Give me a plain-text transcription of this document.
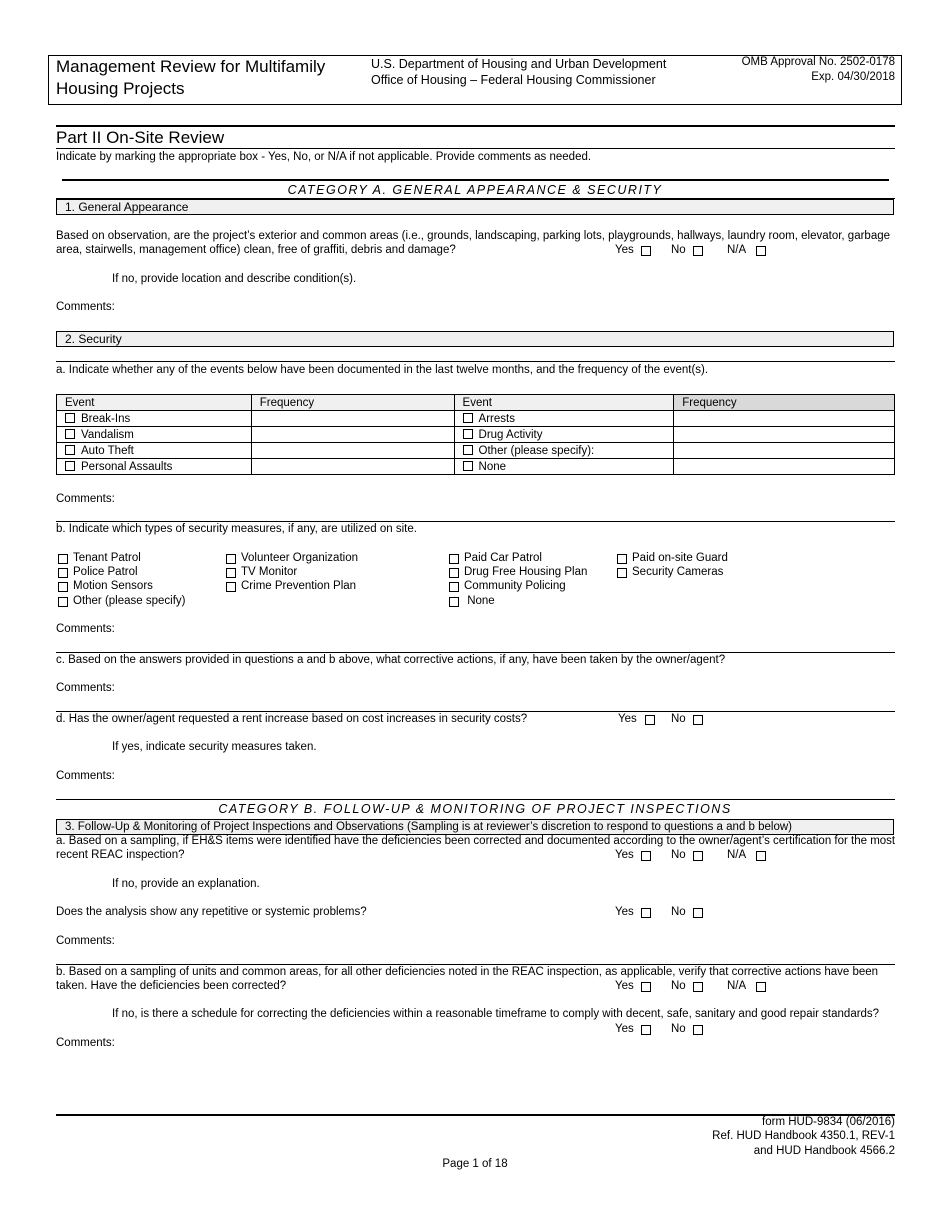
Management Review for Multifamily
Housing Projects
U.S. Department of Housing and Urban Development
Office of Housing – Federal Housing Commissioner
OMB Approval No. 2502-0178
Exp. 04/30/2018
Part II On-Site Review
Indicate by marking the appropriate box - Yes, No, or N/A if not applicable. Provide comments as needed.
CATEGORY A. GENERAL APPEARANCE & SECURITY
1. General Appearance
Based on observation, are the project’s exterior and common areas (i.e., grounds, landscaping, parking lots, playgrounds, hallways, laundry room, elevator, garbage
area, stairwells, management office) clean, free of graffiti, debris and damage?	Yes	No	N/A
If no, provide location and describe condition(s).
Comments:
2. Security
a. Indicate whether any of the events below have been documented in the last twelve months, and the frequency of the event(s).
Event	Frequency	Event	Frequency
Break-Ins		Arrests	
Vandalism		Drug Activity	
Auto Theft		Other (please specify):	
Personal Assaults		None	
Comments:
b. Indicate which types of security measures, if any, are utilized on site.
Tenant Patrol
Police Patrol
Motion Sensors
Other (please specify)
Volunteer Organization
TV Monitor
Crime Prevention Plan
Paid Car Patrol
Drug Free Housing Plan
Community Policing
None
Paid on-site Guard
Security Cameras
Comments:
c. Based on the answers provided in questions a and b above, what corrective actions, if any, have been taken by the owner/agent?
Comments:
d. Has the owner/agent requested a rent increase based on cost increases in security costs?	Yes	No
If yes, indicate security measures taken.
Comments:
CATEGORY B. FOLLOW-UP & MONITORING OF PROJECT INSPECTIONS
3. Follow-Up & Monitoring of Project Inspections and Observations (Sampling is at reviewer’s discretion to respond to questions a and b below)
a. Based on a sampling, if EH&S items were identified have the deficiencies been corrected and documented according to the owner/agent’s certification for the most
recent REAC inspection?	Yes	No	N/A
If no, provide an explanation.
Does the analysis show any repetitive or systemic problems?	Yes	No
Comments:
b. Based on a sampling of units and common areas, for all other deficiencies noted in the REAC inspection, as applicable, verify that corrective actions have been
taken. Have the deficiencies been corrected?	Yes	No	N/A
If no, is there a schedule for correcting the deficiencies within a reasonable timeframe to comply with decent, safe, sanitary and good repair standards?
Yes	No
Comments:
form HUD-9834 (06/2016)
Ref. HUD Handbook 4350.1, REV-1
and HUD Handbook 4566.2
Page 1 of 18
